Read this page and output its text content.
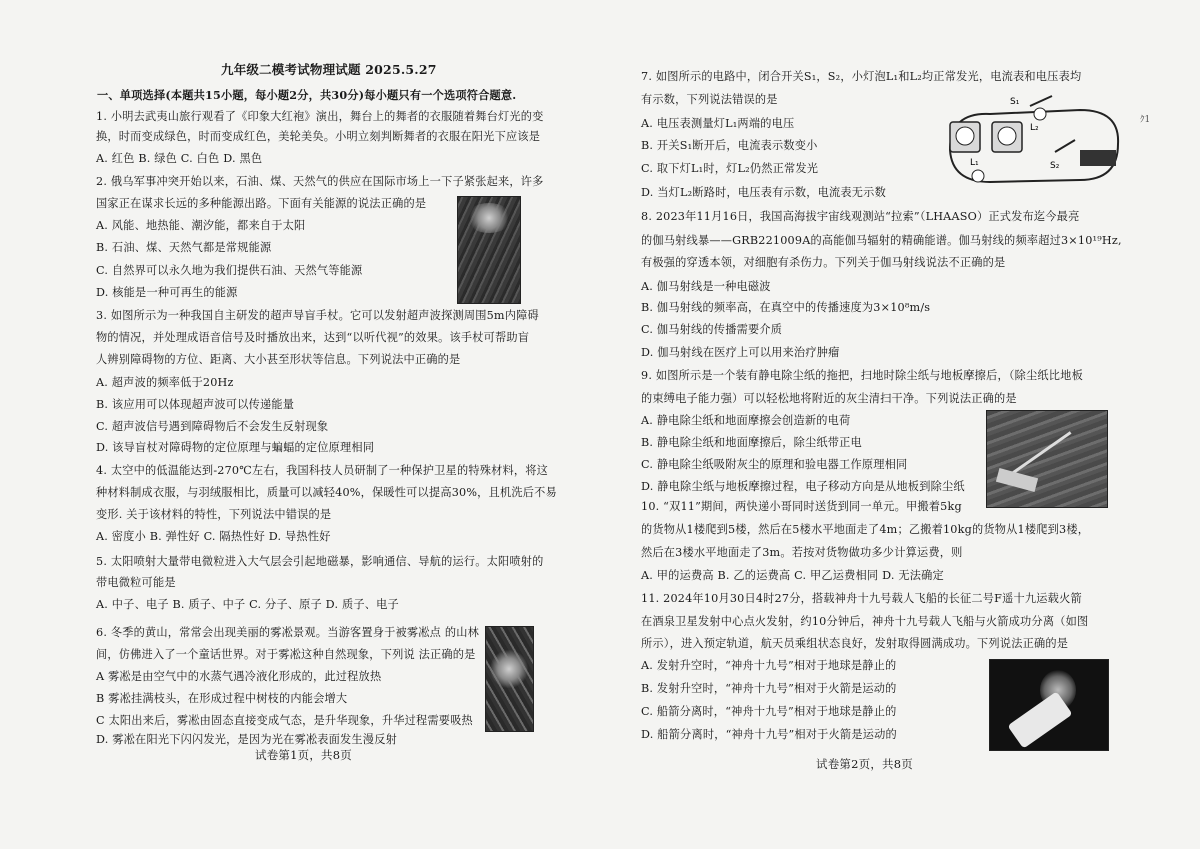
九年级二模考试物理试题 2025.5.27
一、单项选择(本题共15小题，每小题2分，共30分)每小题只有一个选项符合题意.
1. 小明去武夷山旅行观看了《印象大红袍》演出，舞台上的舞者的衣服随着舞台灯光的变
换，时而变成绿色，时而变成红色，美轮美奂。小明立刻判断舞者的衣服在阳光下应该是
A. 红色 B. 绿色 C. 白色 D. 黑色
2. 俄乌军事冲突开始以来，石油、煤、天然气的供应在国际市场上一下子紧张起来，许多
国家正在谋求长远的多种能源出路。下面有关能源的说法正确的是
A. 风能、地热能、潮汐能，都来自于太阳
B. 石油、煤、天然气都是常规能源
C. 自然界可以永久地为我们提供石油、天然气等能源
D. 核能是一种可再生的能源
3. 如图所示为一种我国自主研发的超声导盲手杖。它可以发射超声波探测周围5m内障碍
物的情况，并处理成语音信号及时播放出来，达到“以听代视”的效果。该手杖可帮助盲
人辨别障碍物的方位、距离、大小甚至形状等信息。下列说法中正确的是
A. 超声波的频率低于20Hz
B. 该应用可以体现超声波可以传递能量
C. 超声波信号遇到障碍物后不会发生反射现象
D. 该导盲杖对障碍物的定位原理与蝙蝠的定位原理相同
4. 太空中的低温能达到-270℃左右，我国科技人员研制了一种保护卫星的特殊材料，将这
种材料制成衣服，与羽绒服相比，质量可以减轻40%，保暖性可以提高30%，且机洗后不易
变形. 关于该材料的特性，下列说法中错误的是
A. 密度小 B. 弹性好 C. 隔热性好 D. 导热性好
5. 太阳喷射大量带电微粒进入大气层会引起地磁暴，影响通信、导航的运行。太阳喷射的
带电微粒可能是
A. 中子、电子 B. 质子、中子 C. 分子、原子 D. 质子、电子
6. 冬季的黄山，常常会出现美丽的雾凇景观。当游客置身于被雾凇点 的山林
间，仿佛进入了一个童话世界。对于雾凇这种自然现象，下列说 法正确的是
A 雾凇是由空气中的水蒸气遇冷液化形成的，此过程放热
B 雾凇挂满枝头，在形成过程中树枝的内能会增大
C 太阳出来后，雾凇由固态直接变成气态，是升华现象，升华过程需要吸热
D. 雾凇在阳光下闪闪发光，是因为光在雾凇表面发生漫反射
试卷第1页，共8页
7. 如图所示的电路中，闭合开关S₁，S₂，小灯泡L₁和L₂均正常发光，电流表和电压表均
有示数，下列说法错误的是
A. 电压表测量灯L₁两端的电压
B. 开关S₁断开后，电流表示数变小
C. 取下灯L₁时，灯L₂仍然正常发光
D. 当灯L₂断路时，电压表有示数，电流表无示数
8. 2023年11月16日，我国高海拔宇宙线观测站“拉索”（LHAASO）正式发布迄今最亮
的伽马射线暴——GRB221009A的高能伽马辐射的精确能谱。伽马射线的频率超过3×10¹⁹Hz,
有极强的穿透本领，对细胞有杀伤力。下列关于伽马射线说法不正确的是
A. 伽马射线是一种电磁波
B. 伽马射线的频率高，在真空中的传播速度为3×10⁸m/s
C. 伽马射线的传播需要介质
D. 伽马射线在医疗上可以用来治疗肿瘤
9. 如图所示是一个装有静电除尘纸的拖把，扫地时除尘纸与地板摩擦后，（除尘纸比地板
的束缚电子能力强）可以轻松地将附近的灰尘清扫干净。下列说法正确的是
A. 静电除尘纸和地面摩擦会创造新的电荷
B. 静电除尘纸和地面摩擦后，除尘纸带正电
C. 静电除尘纸吸附灰尘的原理和验电器工作原理相同
D. 静电除尘纸与地板摩擦过程，电子移动方向是从地板到除尘纸
10. “双11”期间，两快递小哥同时送货到同一单元。甲搬着5kg
的货物从1楼爬到5楼，然后在5楼水平地面走了4m；乙搬着10kg的货物从1楼爬到3楼，
然后在3楼水平地面走了3m。若按对货物做功多少计算运费，则
A. 甲的运费高 B. 乙的运费高 C. 甲乙运费相同 D. 无法确定
11. 2024年10月30日4时27分，搭载神舟十九号载人飞船的长征二号F遥十九运载火箭
在酒泉卫星发射中心点火发射，约10分钟后，神舟十九号载人飞船与火箭成功分离（如图
所示），进入预定轨道，航天员乘组状态良好，发射取得圆满成功。下列说法正确的是
A. 发射升空时，“神舟十九号”相对于地球是静止的
B. 发射升空时，“神舟十九号”相对于火箭是运动的
C. 船箭分离时，“神舟十九号”相对于地球是静止的
D. 船箭分离时，“神舟十九号”相对于火箭是运动的
试卷第2页，共8页
S₁
L₁
L₂
S₂
ｸ1
